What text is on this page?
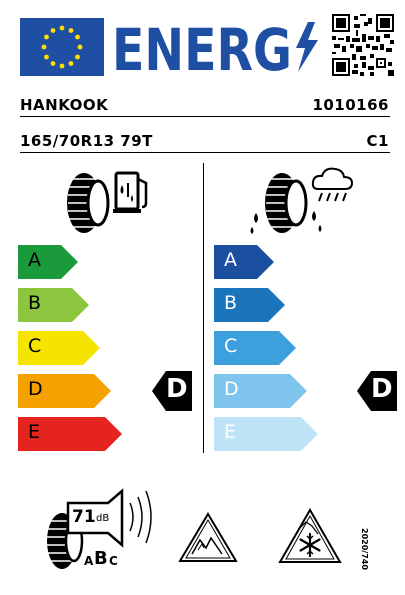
ENERG
HANKOOK	1010166
165/70R13 79T	C1
A
B
C
D
E
D
A
B
C
D
E
D
71 dB
A B C	2020/740
